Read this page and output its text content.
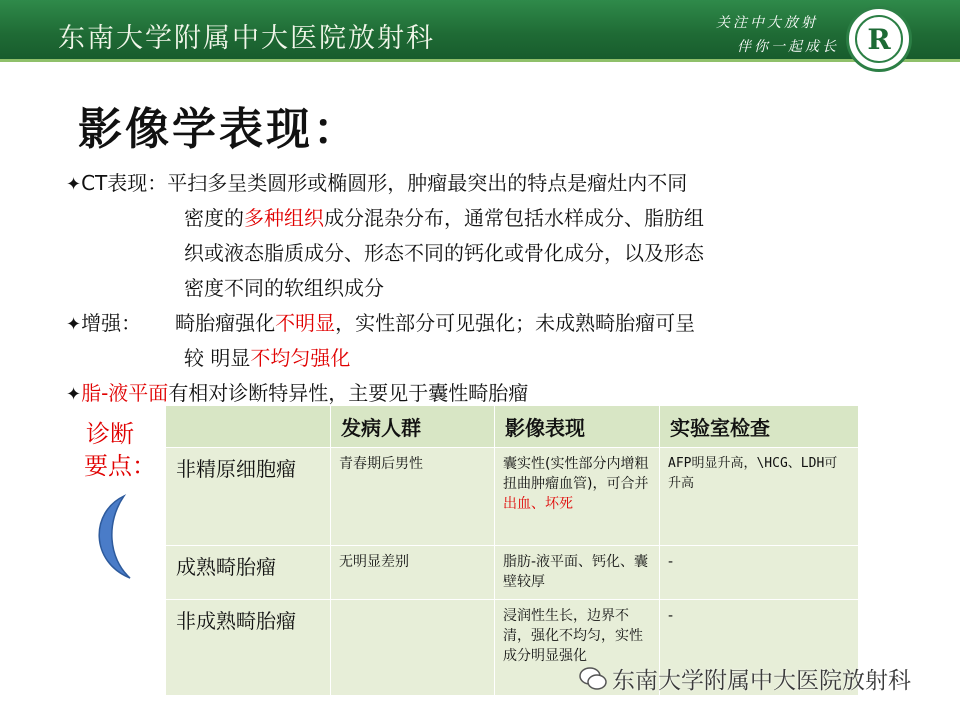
东南大学附属中大医院放射科	关注中大放射
伴你一起成长	R
影像学表现：
✦CT表现：平扫多呈类圆形或椭圆形，肿瘤最突出的特点是瘤灶内不同
密度的多种组织成分混杂分布，通常包括水样成分、脂肪组
织或液态脂质成分、形态不同的钙化或骨化成分，以及形态
密度不同的软组织成分
✦增强： 畸胎瘤强化不明显，实性部分可见强化；未成熟畸胎瘤可呈
较 明显不均匀强化
✦脂-液平面有相对诊断特异性，主要见于囊性畸胎瘤
诊断
要点：
	发病人群	影像表现	实验室检查
非精原细胞瘤	青春期后男性	囊实性(实性部分内增粗扭曲肿瘤血管)，可合并出血、坏死	AFP明显升高，\HCG、LDH可升高
成熟畸胎瘤	无明显差别	脂肪-液平面、钙化、囊壁较厚	-
非成熟畸胎瘤		浸润性生长，边界不清，强化不均匀，实性成分明显强化	-
东南大学附属中大医院放射科
